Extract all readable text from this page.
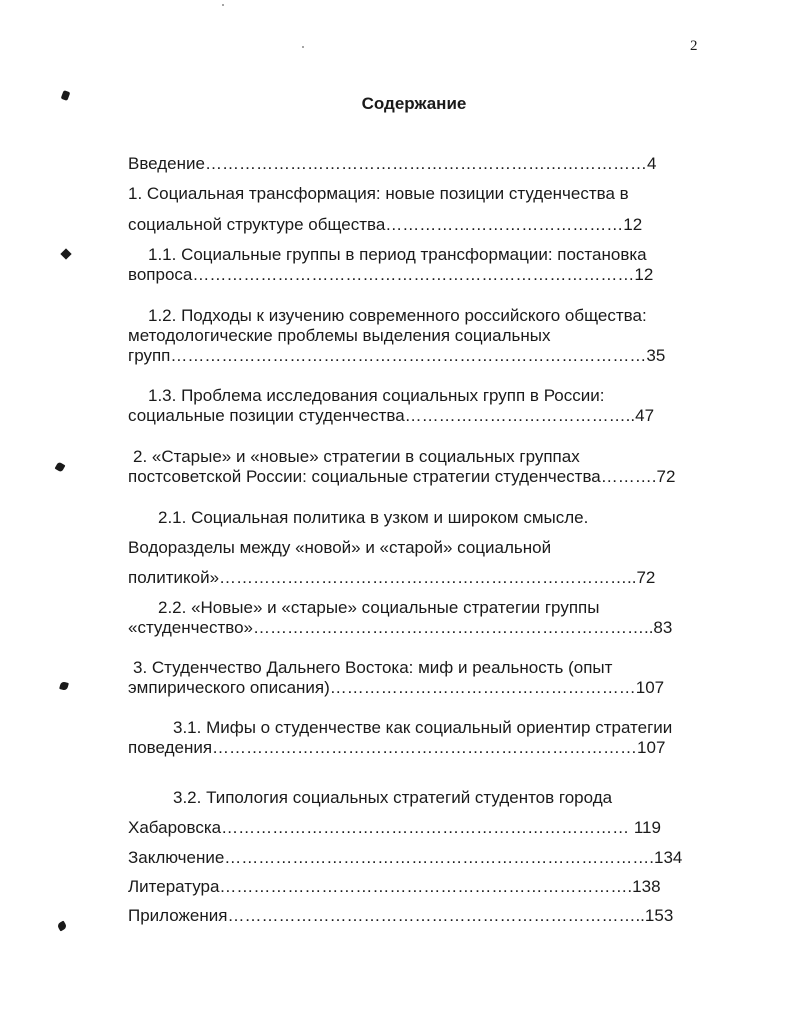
2
Содержание
Введение……………………………………………………………………4
1. Социальная трансформация: новые позиции студенчества в
социальной структуре общества……………………………………12
1.1. Социальные группы в период трансформации: постановка
вопроса……………………………………………………………………12
1.2. Подходы к изучению современного российского общества:
методологические проблемы выделения социальных
групп…………………………………………………………………………35
1.3. Проблема исследования социальных групп в России:
социальные позиции студенчества…………………………………..47
2. «Старые» и «новые» стратегии в социальных группах
постсоветской России: социальные стратегии студенчества……….72
2.1. Социальная политика в узком и широком смысле.
Водоразделы между «новой» и «старой» социальной
политикой»………………………………………………………………..72
2.2. «Новые» и «старые» социальные стратегии группы
«студенчество»……………………………………………………………..83
3. Студенчество Дальнего Востока: миф и реальность (опыт
эмпирического описания)………………………………………………107
3.1. Мифы о студенчестве как социальный ориентир стратегии
поведения…………………………………………………………………107
3.2. Типология социальных стратегий студентов города
Хабаровска……………………………………………………………… 119
Заключение………………………………………………………………….134
Литература……………………………………………………………….138
Приложения………………………………………………………………..153
